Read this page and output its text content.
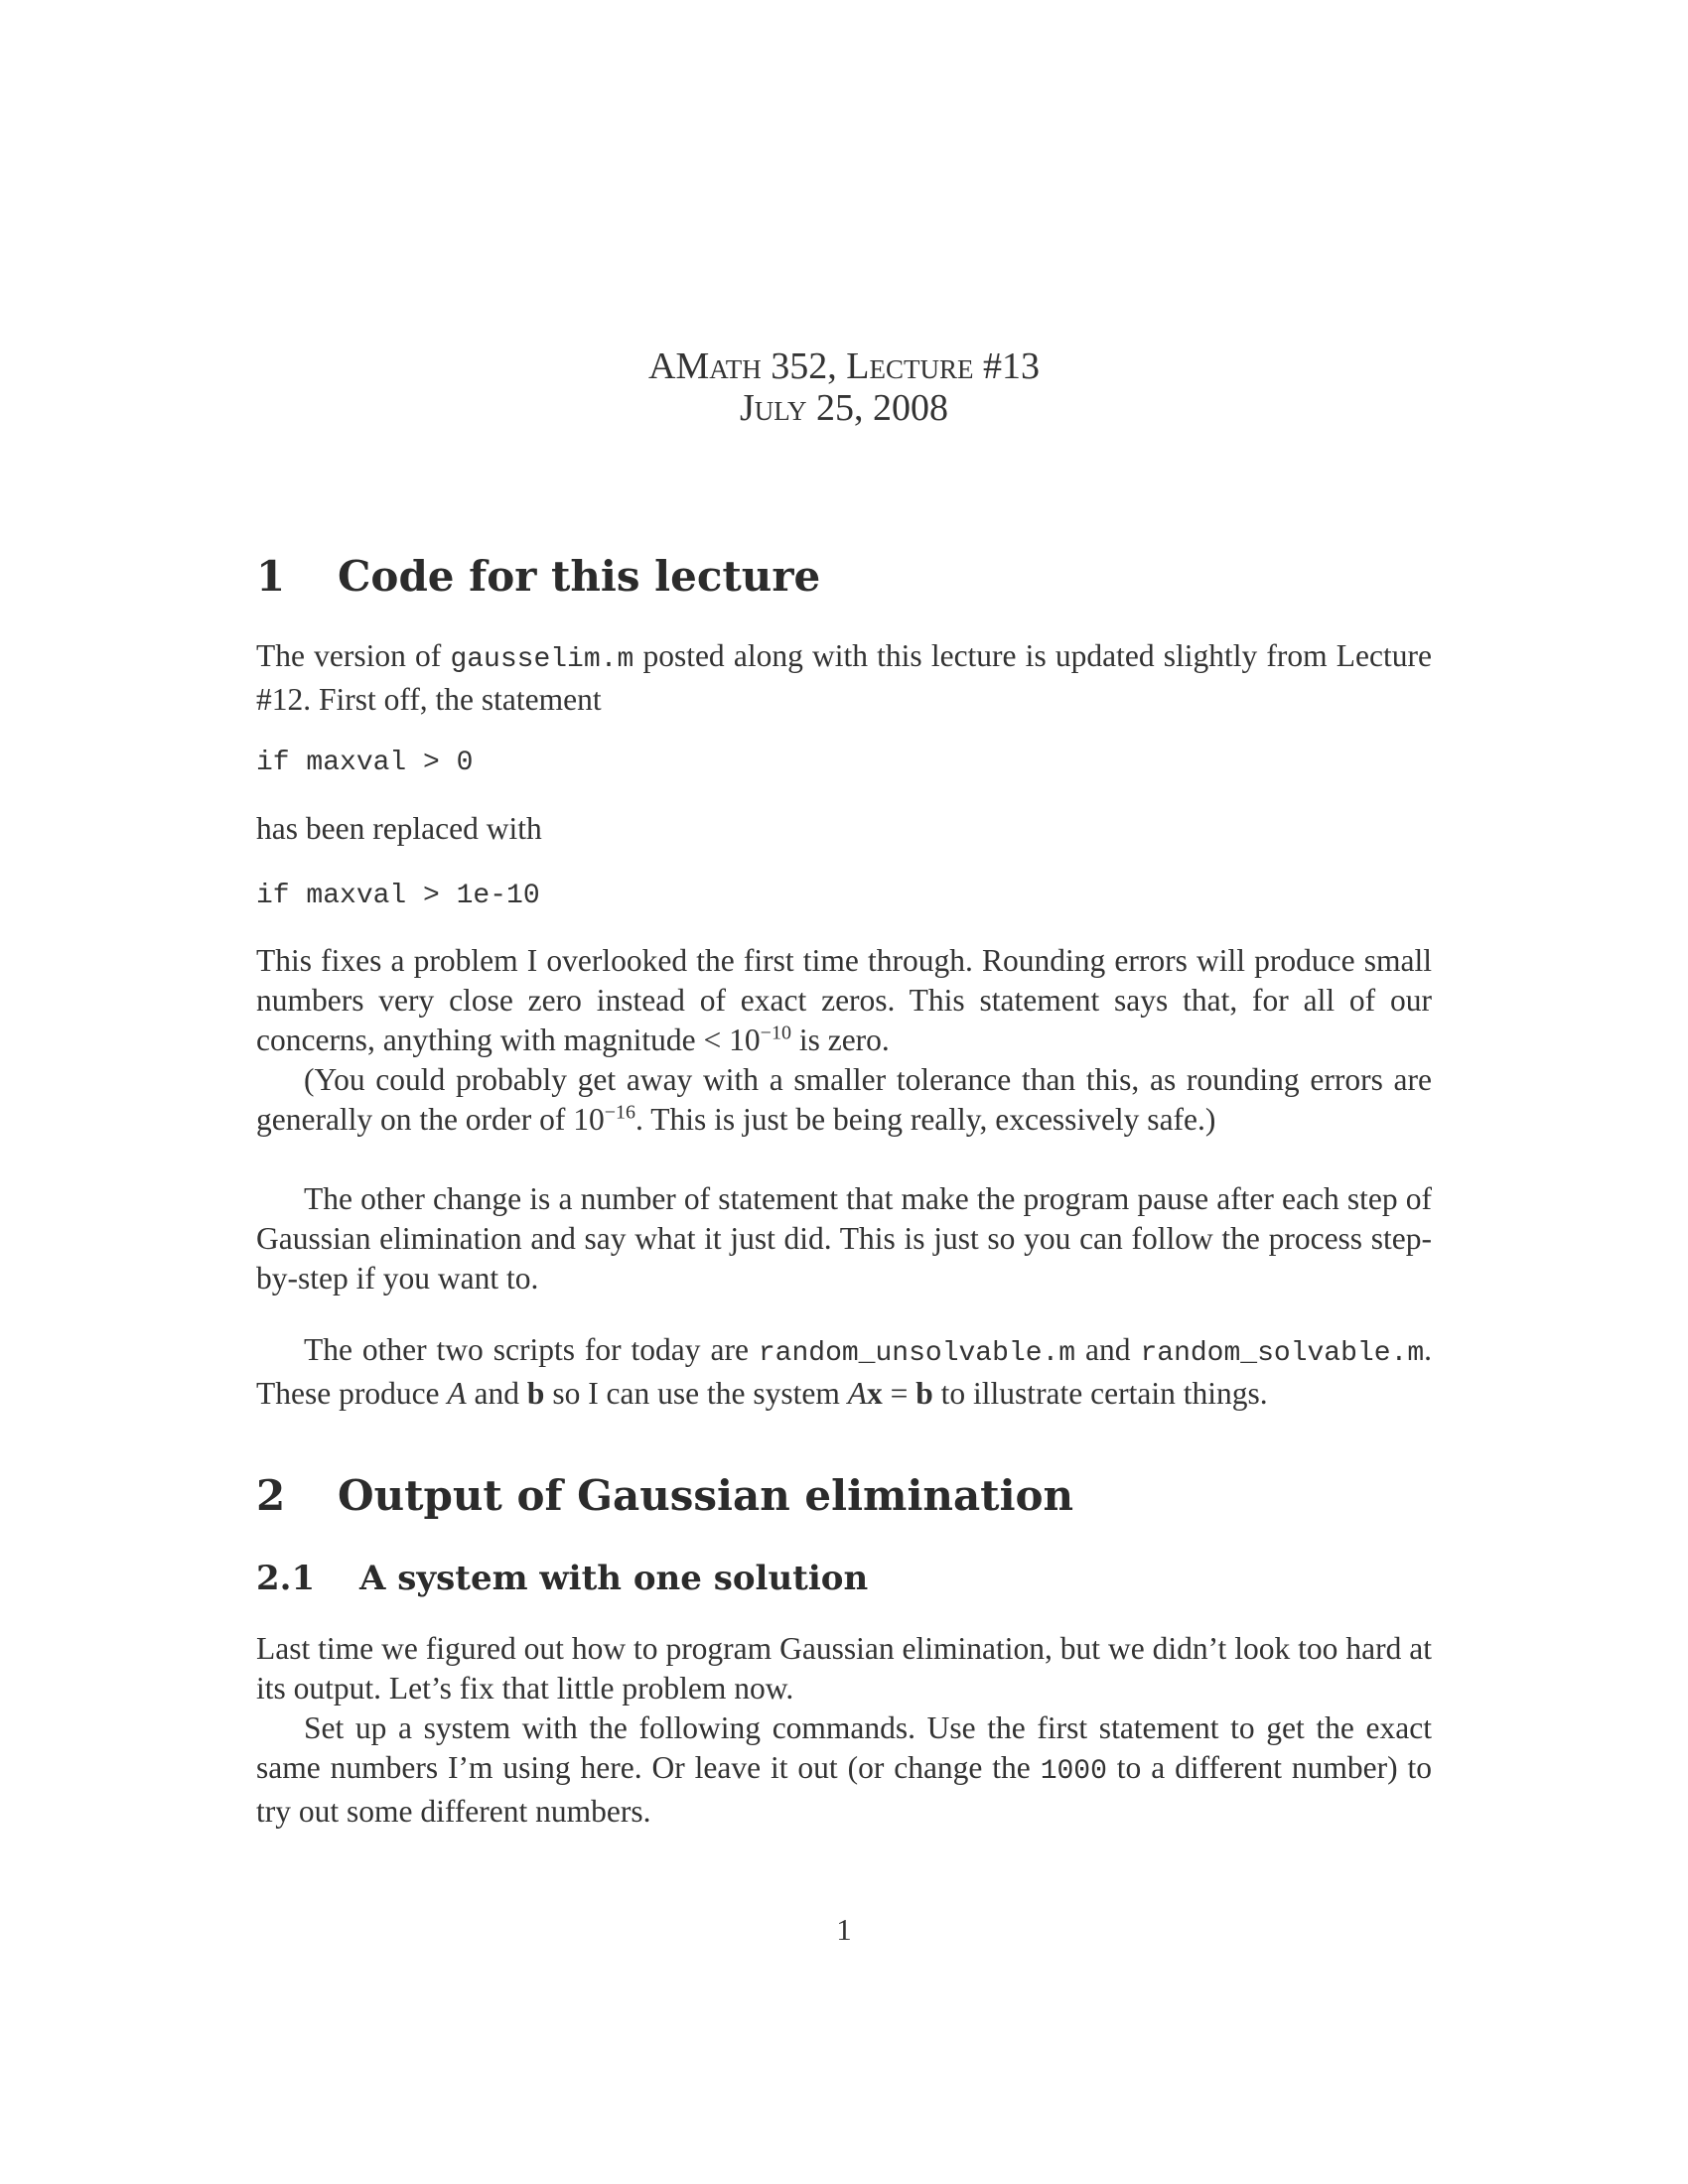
AMath 352, Lecture #13
July 25, 2008
1 Code for this lecture

The version of gausselim.m posted along with this lecture is updated slightly from Lecture #12. First off, the statement

if maxval > 0

has been replaced with

if maxval > 1e-10

This fixes a problem I overlooked the first time through. Rounding errors will produce small numbers very close zero instead of exact zeros. This statement says that, for all of our concerns, anything with magnitude < $10^{-10}$ is zero.

(You could probably get away with a smaller tolerance than this, as rounding errors are generally on the order of $10^{-16}$. This is just be being really, excessively safe.)

The other change is a number of statement that make the program pause after each step of Gaussian elimination and say what it just did. This is just so you can follow the process step-by-step if you want to.

The other two scripts for today are random_unsolvable.m and random_solvable.m. These produce A and b so I can use the system Ax = b to illustrate certain things.

2 Output of Gaussian elimination
2.1 A system with one solution

Last time we figured out how to program Gaussian elimination, but we didn’t look too hard at its output. Let’s fix that little problem now.

Set up a system with the following commands. Use the first statement to get the exact same numbers I’m using here. Or leave it out (or change the 1000 to a different number) to try out some different numbers.

1
